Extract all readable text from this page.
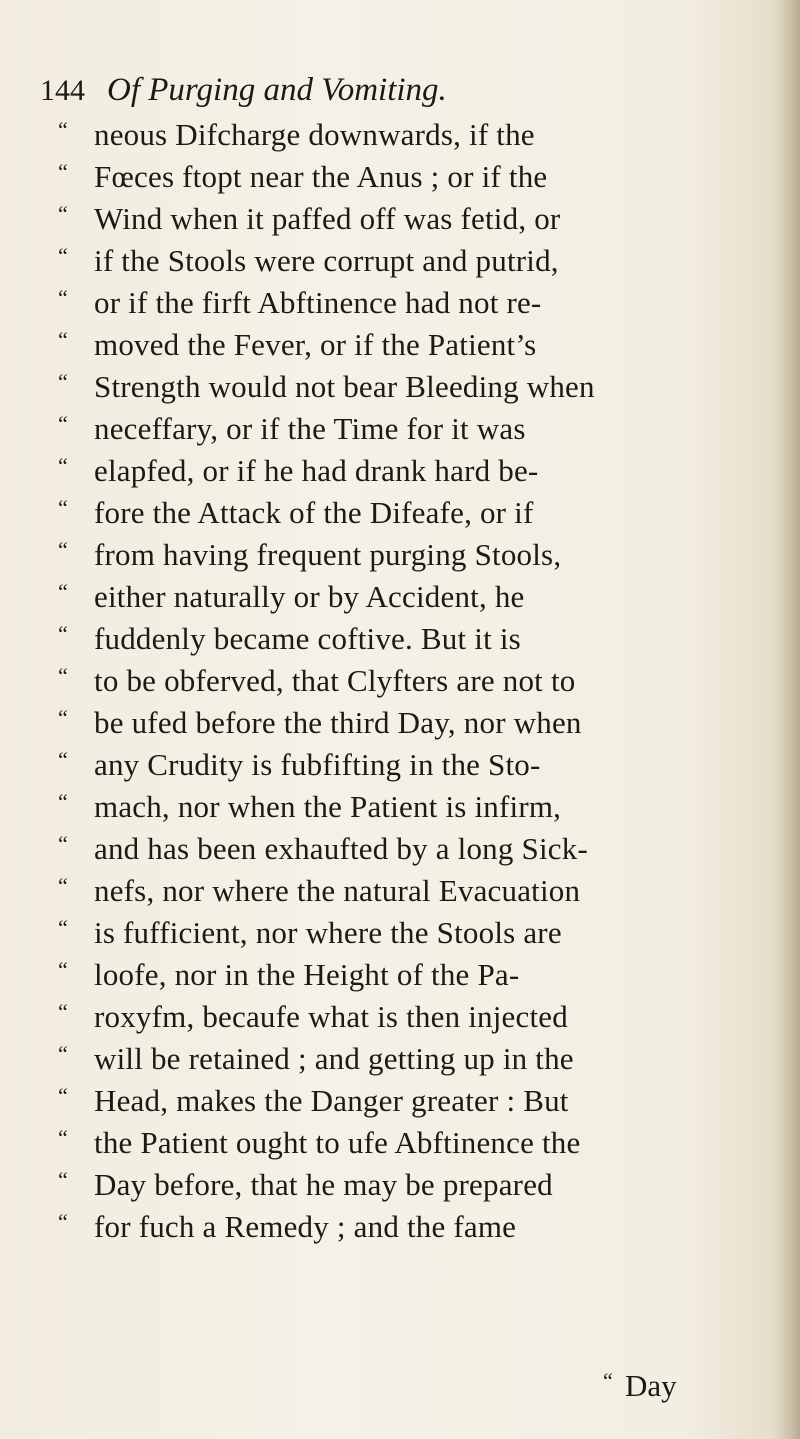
144 Of Purging and Vomiting.
“ neous Difcharge downwards, if the
“ Fœces ftopt near the Anus ; or if the
“ Wind when it paffed off was fetid, or
“ if the Stools were corrupt and putrid,
“ or if the firft Abftinence had not re-
“ moved the Fever, or if the Patient’s
“ Strength would not bear Bleeding when
“ neceffary, or if the Time for it was
“ elapfed, or if he had drank hard be-
“ fore the Attack of the Difeafe, or if
“ from having frequent purging Stools,
“ either naturally or by Accident, he
“ fuddenly became coftive. But it is
“ to be obferved, that Clyfters are not to
“ be ufed before the third Day, nor when
“ any Crudity is fubfifting in the Sto-
“ mach, nor when the Patient is infirm,
“ and has been exhaufted by a long Sick-
“ nefs, nor where the natural Evacuation
“ is fufficient, nor where the Stools are
“ loofe, nor in the Height of the Pa-
“ roxyfm, becaufe what is then injected
“ will be retained ; and getting up in the
“ Head, makes the Danger greater : But
“ the Patient ought to ufe Abftinence the
“ Day before, that he may be prepared
“ for fuch a Remedy ; and the fame
“ Day
